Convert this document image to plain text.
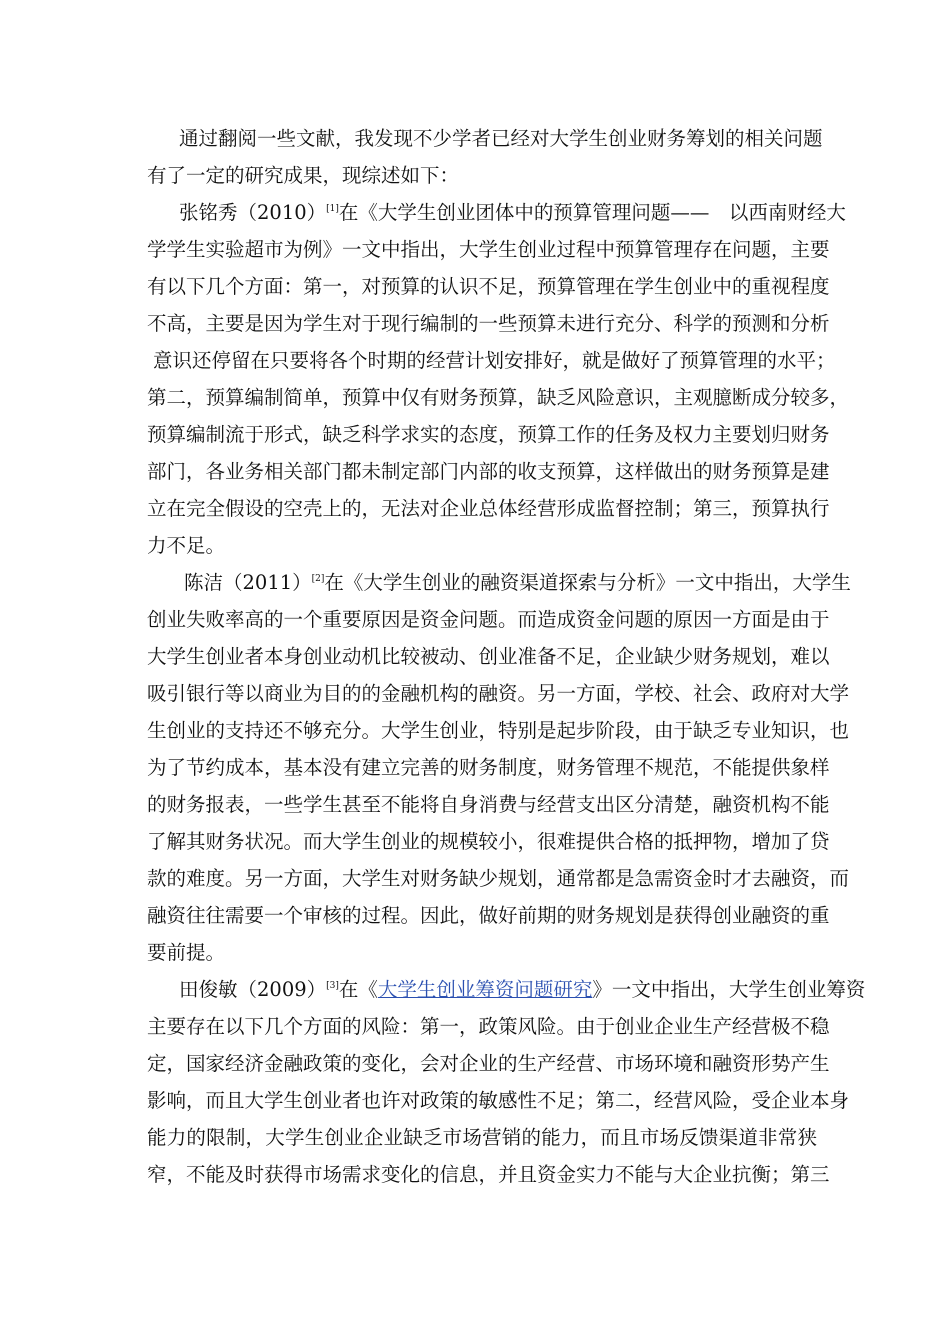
通过翻阅一些文献，我发现不少学者已经对大学生创业财务筹划的相关问题
有了一定的研究成果，现综述如下：
张铭秀（2010）[1]在《大学生创业团体中的预算管理问题——　以西南财经大
学学生实验超市为例》一文中指出，大学生创业过程中预算管理存在问题，主要
有以下几个方面：第一，对预算的认识不足，预算管理在学生创业中的重视程度
不高，主要是因为学生对于现行编制的一些预算未进行充分、科学的预测和分析
意识还停留在只要将各个时期的经营计划安排好，就是做好了预算管理的水平；
第二，预算编制简单，预算中仅有财务预算，缺乏风险意识，主观臆断成分较多，
预算编制流于形式，缺乏科学求实的态度，预算工作的任务及权力主要划归财务
部门，各业务相关部门都未制定部门内部的收支预算，这样做出的财务预算是建
立在完全假设的空壳上的，无法对企业总体经营形成监督控制；第三，预算执行
力不足。
陈洁（2011）[2]在《大学生创业的融资渠道探索与分析》一文中指出，大学生
创业失败率高的一个重要原因是资金问题。而造成资金问题的原因一方面是由于
大学生创业者本身创业动机比较被动、创业准备不足，企业缺少财务规划，难以
吸引银行等以商业为目的的金融机构的融资。另一方面，学校、社会、政府对大学
生创业的支持还不够充分。大学生创业，特别是起步阶段，由于缺乏专业知识，也
为了节约成本，基本没有建立完善的财务制度，财务管理不规范，不能提供象样
的财务报表，一些学生甚至不能将自身消费与经营支出区分清楚，融资机构不能
了解其财务状况。而大学生创业的规模较小，很难提供合格的抵押物，增加了贷
款的难度。另一方面，大学生对财务缺少规划，通常都是急需资金时才去融资，而
融资往往需要一个审核的过程。因此，做好前期的财务规划是获得创业融资的重
要前提。
田俊敏（2009）[3]在《大学生创业筹资问题研究》一文中指出，大学生创业筹资
主要存在以下几个方面的风险：第一，政策风险。由于创业企业生产经营极不稳
定，国家经济金融政策的变化，会对企业的生产经营、市场环境和融资形势产生
影响，而且大学生创业者也许对政策的敏感性不足；第二，经营风险，受企业本身
能力的限制，大学生创业企业缺乏市场营销的能力，而且市场反馈渠道非常狭
窄，不能及时获得市场需求变化的信息，并且资金实力不能与大企业抗衡；第三
